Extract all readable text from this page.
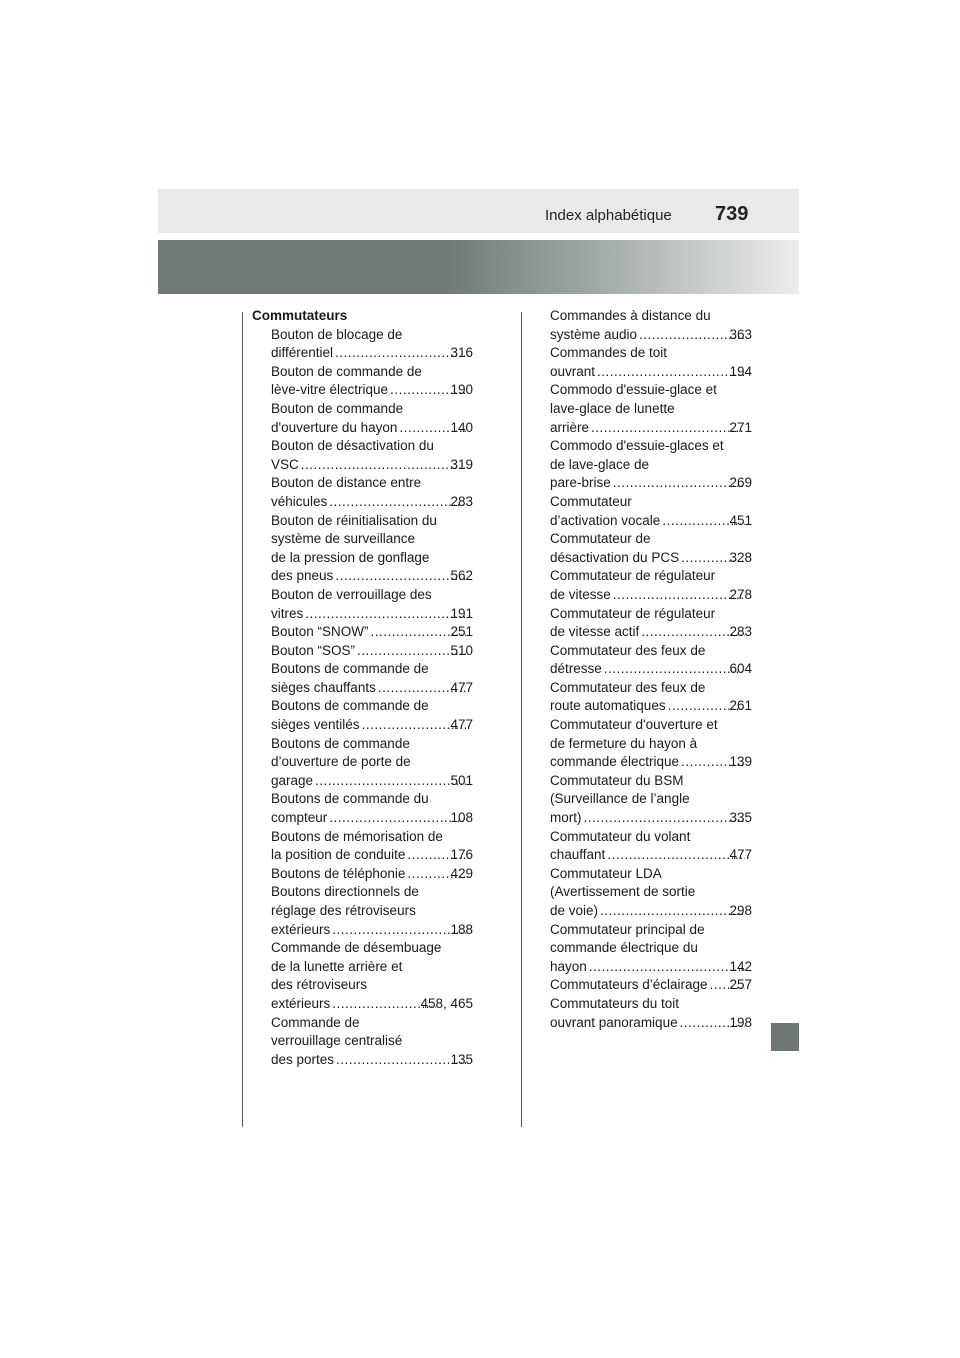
Index alphabétique 739
Commutateurs
Bouton de blocage de
différentiel .....	316
Bouton de commande de
lève-vitre électrique .....	190
Bouton de commande
d'ouverture du hayon .....	140
Bouton de désactivation du
VSC .....	319
Bouton de distance entre
véhicules .....	283
Bouton de réinitialisation du
système de surveillance
de la pression de gonflage
des pneus .....	562
Bouton de verrouillage des
vitres .....	191
Bouton “SNOW” .....	251
Bouton “SOS” .....	510
Boutons de commande de
sièges chauffants .....	477
Boutons de commande de
sièges ventilés .....	477
Boutons de commande
d’ouverture de porte de
garage .....	501
Boutons de commande du
compteur .....	108
Boutons de mémorisation de
la position de conduite .....	176
Boutons de téléphonie .....	429
Boutons directionnels de
réglage des rétroviseurs
extérieurs .....	188
Commande de désembuage
de la lunette arrière et
des rétroviseurs
extérieurs .....	458, 465
Commande de
verrouillage centralisé
des portes .....	135
Commandes à distance du
système audio .....	363
Commandes de toit
ouvrant .....	194
Commodo d'essuie-glace et
lave-glace de lunette
arrière .....	271
Commodo d'essuie-glaces et
de lave-glace de
pare-brise .....	269
Commutateur
d’activation vocale .....	451
Commutateur de
désactivation du PCS .....	328
Commutateur de régulateur
de vitesse .....	278
Commutateur de régulateur
de vitesse actif .....	283
Commutateur des feux de
détresse .....	604
Commutateur des feux de
route automatiques .....	261
Commutateur d'ouverture et
de fermeture du hayon à
commande électrique .....	139
Commutateur du BSM
(Surveillance de l’angle
mort) .....	335
Commutateur du volant
chauffant .....	477
Commutateur LDA
(Avertissement de sortie
de voie) .....	298
Commutateur principal de
commande électrique du
hayon .....	142
Commutateurs d’éclairage ..... 257
Commutateurs du toit
ouvrant panoramique .....	198
